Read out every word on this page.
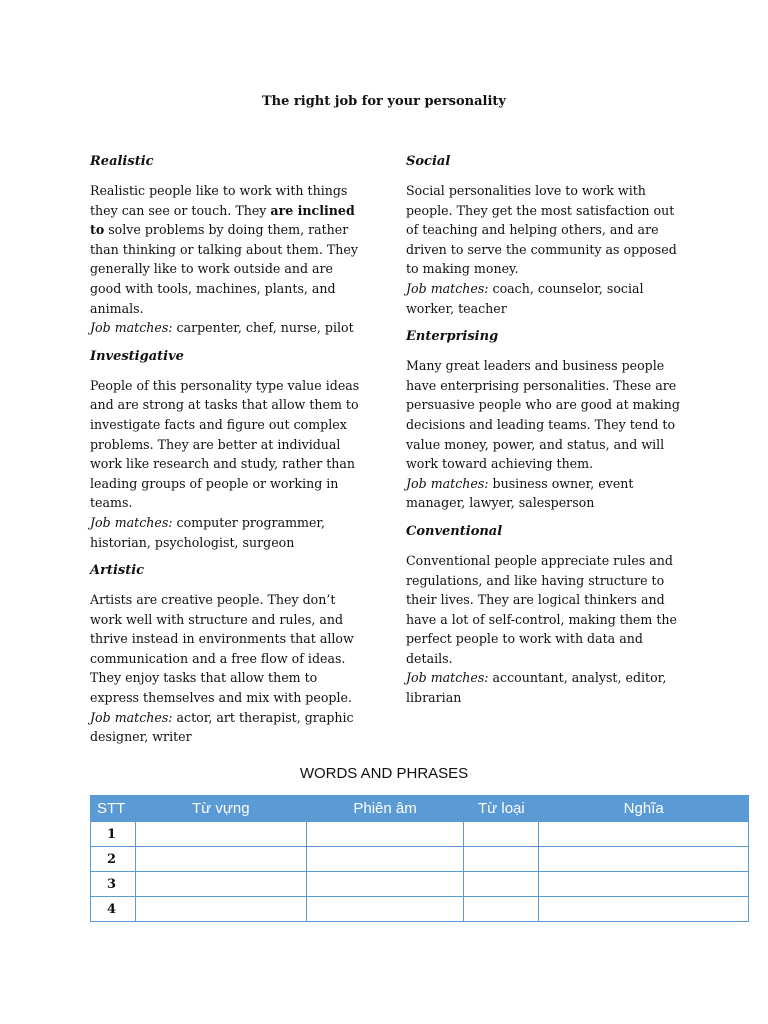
The right job for your personality
Realistic

Realistic people like to work with things they can see or touch. They are inclined to solve problems by doing them, rather than thinking or talking about them. They generally like to work outside and are good with tools, machines, plants, and animals.

Job matches: carpenter, chef, nurse, pilot

Investigative

People of this personality type value ideas and are strong at tasks that allow them to investigate facts and figure out complex problems. They are better at individual work like research and study, rather than leading groups of people or working in teams.

Job matches: computer programmer, historian, psychologist, surgeon

Artistic

Artists are creative people. They don’t work well with structure and rules, and thrive instead in environments that allow communication and a free flow of ideas. They enjoy tasks that allow them to express themselves and mix with people.

Job matches: actor, art therapist, graphic designer, writer

Social

Social personalities love to work with people. They get the most satisfaction out of teaching and helping others, and are driven to serve the community as opposed to making money.

Job matches: coach, counselor, social worker, teacher

Enterprising

Many great leaders and business people have enterprising personalities. These are persuasive people who are good at making decisions and leading teams. They tend to value money, power, and status, and will work toward achieving them.

Job matches: business owner, event manager, lawyer, salesperson

Conventional

Conventional people appreciate rules and regulations, and like having structure to their lives. They are logical thinkers and have a lot of self-control, making them the perfect people to work with data and details.

Job matches: accountant, analyst, editor, librarian

WORDS AND PHRASES
STT	Từ vựng	Phiên âm	Từ loại	Nghĩa
1				
2				
3				
4				
